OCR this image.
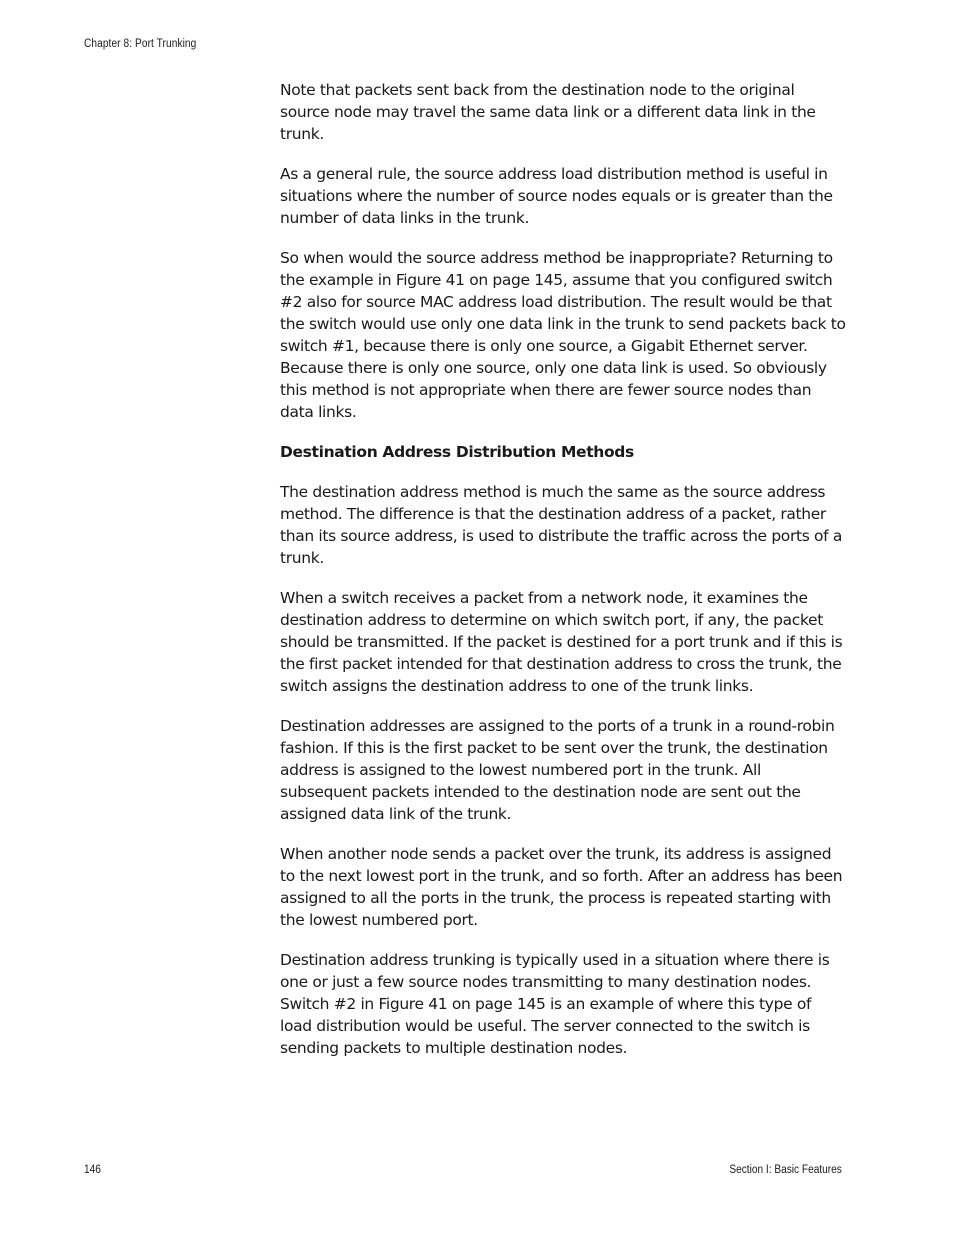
Chapter 8: Port Trunking

Note that packets sent back from the destination node to the original source node may travel the same data link or a different data link in the trunk.

As a general rule, the source address load distribution method is useful in situations where the number of source nodes equals or is greater than the number of data links in the trunk.

So when would the source address method be inappropriate? Returning to the example in Figure 41 on page 145, assume that you configured switch #2 also for source MAC address load distribution. The result would be that the switch would use only one data link in the trunk to send packets back to switch #1, because there is only one source, a Gigabit Ethernet server. Because there is only one source, only one data link is used. So obviously this method is not appropriate when there are fewer source nodes than data links.

Destination Address Distribution Methods

The destination address method is much the same as the source address method. The difference is that the destination address of a packet, rather than its source address, is used to distribute the traffic across the ports of a trunk.

When a switch receives a packet from a network node, it examines the destination address to determine on which switch port, if any, the packet should be transmitted. If the packet is destined for a port trunk and if this is the first packet intended for that destination address to cross the trunk, the switch assigns the destination address to one of the trunk links.

Destination addresses are assigned to the ports of a trunk in a round-robin fashion. If this is the first packet to be sent over the trunk, the destination address is assigned to the lowest numbered port in the trunk. All subsequent packets intended to the destination node are sent out the assigned data link of the trunk.

When another node sends a packet over the trunk, its address is assigned to the next lowest port in the trunk, and so forth. After an address has been assigned to all the ports in the trunk, the process is repeated starting with the lowest numbered port.

Destination address trunking is typically used in a situation where there is one or just a few source nodes transmitting to many destination nodes. Switch #2 in Figure 41 on page 145 is an example of where this type of load distribution would be useful. The server connected to the switch is sending packets to multiple destination nodes.

146	Section I: Basic Features
